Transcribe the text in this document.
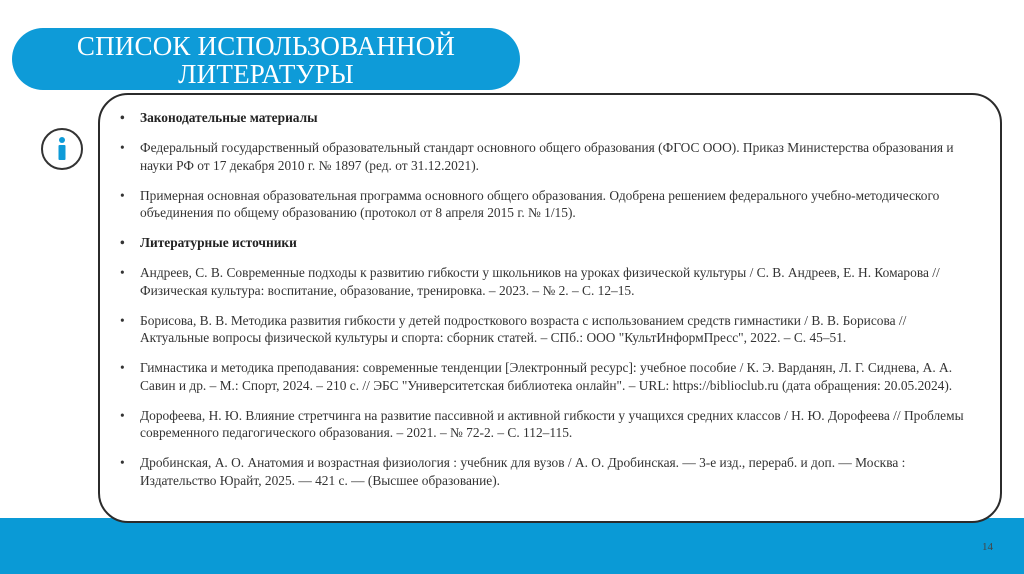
СПИСОК ИСПОЛЬЗОВАННОЙ
ЛИТЕРАТУРЫ
• Законодательные материалы
• Федеральный государственный образовательный стандарт основного общего образования (ФГОС ООО). Приказ Министерства образования и науки РФ от 17 декабря 2010 г. № 1897 (ред. от 31.12.2021).
• Примерная основная образовательная программа основного общего образования. Одобрена решением федерального учебно-методического объединения по общему образованию (протокол от 8 апреля 2015 г. № 1/15).
• Литературные источники
• Андреев, С. В. Современные подходы к развитию гибкости у школьников на уроках физической культуры / С. В. Андреев, Е. Н. Комарова // Физическая культура: воспитание, образование, тренировка. – 2023. – № 2. – С. 12–15.
• Борисова, В. В. Методика развития гибкости у детей подросткового возраста с использованием средств гимнастики / В. В. Борисова // Актуальные вопросы физической культуры и спорта: сборник статей. – СПб.: ООО "КультИнформПресс", 2022. – С. 45–51.
• Гимнастика и методика преподавания: современные тенденции [Электронный ресурс]: учебное пособие / К. Э. Варданян, Л. Г. Сиднева, А. А. Савин и др. – М.: Спорт, 2024. – 210 с. // ЭБС "Университетская библиотека онлайн". – URL: https://biblioclub.ru (дата обращения: 20.05.2024).
• Дорофеева, Н. Ю. Влияние стретчинга на развитие пассивной и активной гибкости у учащихся средних классов / Н. Ю. Дорофеева // Проблемы современного педагогического образования. – 2021. – № 72-2. – С. 112–115.
• Дробинская, А. О. Анатомия и возрастная физиология : учебник для вузов / А. О. Дробинская. — 3-е изд., перераб. и доп. — Москва : Издательство Юрайт, 2025. — 421 с. — (Высшее образование).
14
